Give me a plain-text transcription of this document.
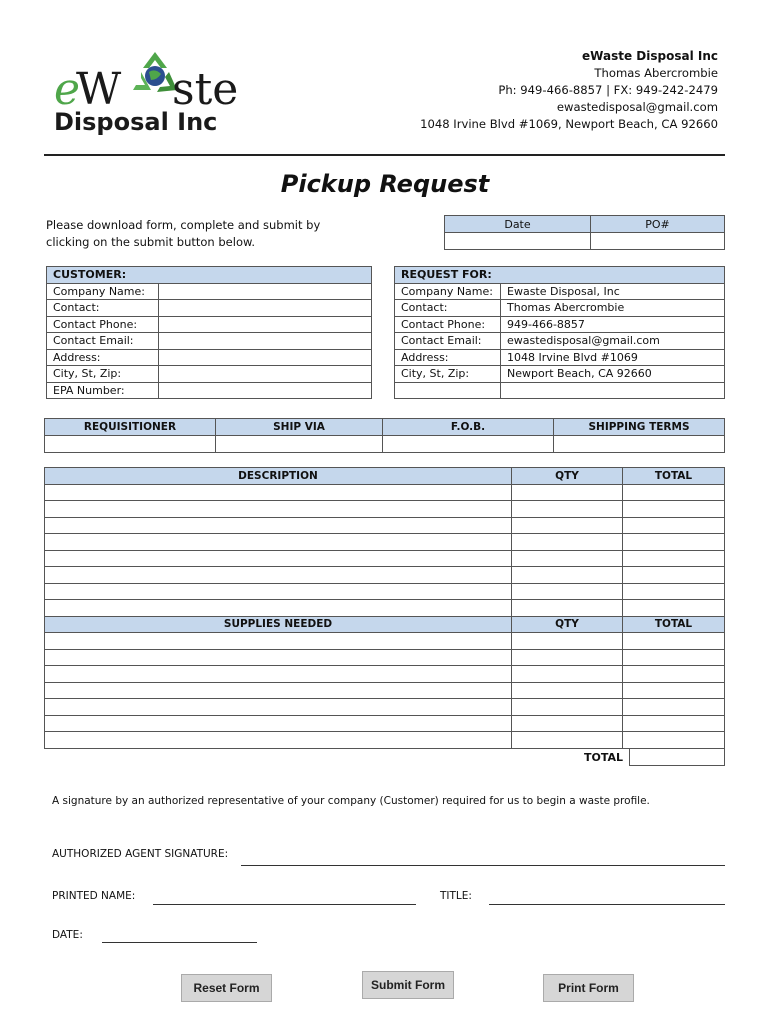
e
W ste
Disposal Inc
eWaste Disposal Inc
Thomas Abercrombie
Ph: 949-466-8857 | FX: 949-242-2479
ewastedisposal@gmail.com
1048 Irvine Blvd #1069, Newport Beach, CA 92660
Pickup Request
Please download form, complete and submit by clicking on the submit button below.
Date	PO#

CUSTOMER:	
Company Name:	
Contact:	
Contact Phone:	
Contact Email:	
Address:	
City, St, Zip:	
EPA Number:	
REQUEST FOR:	
Company Name:	Ewaste Disposal, Inc
Contact:	Thomas Abercrombie
Contact Phone:	949-466-8857
Contact Email:	ewastedisposal@gmail.com
Address:	1048 Irvine Blvd #1069
City, St, Zip:	Newport Beach, CA 92660

REQUISITIONER	SHIP VIA	F.O.B.	SHIPPING TERMS

DESCRIPTION	QTY	TOTAL

SUPPLIES NEEDED	QTY	TOTAL

TOTAL	
A signature by an authorized representative of your company (Customer) required for us to begin a waste profile.
AUTHORIZED AGENT SIGNATURE:
PRINTED NAME:	TITLE:
DATE:
Reset Form	Submit Form	Print Form
